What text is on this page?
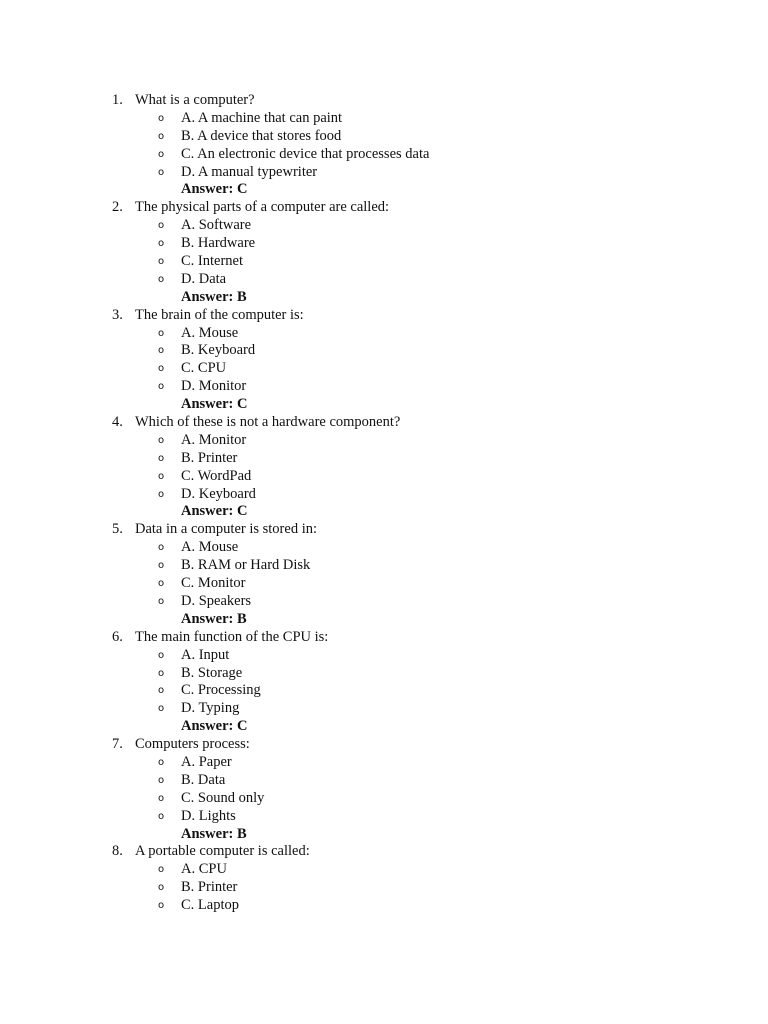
1. What is a computer?
o A. A machine that can paint
o B. A device that stores food
o C. An electronic device that processes data
o D. A manual typewriter
Answer: C
2. The physical parts of a computer are called:
o A. Software
o B. Hardware
o C. Internet
o D. Data
Answer: B
3. The brain of the computer is:
o A. Mouse
o B. Keyboard
o C. CPU
o D. Monitor
Answer: C
4. Which of these is not a hardware component?
o A. Monitor
o B. Printer
o C. WordPad
o D. Keyboard
Answer: C
5. Data in a computer is stored in:
o A. Mouse
o B. RAM or Hard Disk
o C. Monitor
o D. Speakers
Answer: B
6. The main function of the CPU is:
o A. Input
o B. Storage
o C. Processing
o D. Typing
Answer: C
7. Computers process:
o A. Paper
o B. Data
o C. Sound only
o D. Lights
Answer: B
8. A portable computer is called:
o A. CPU
o B. Printer
o C. Laptop
